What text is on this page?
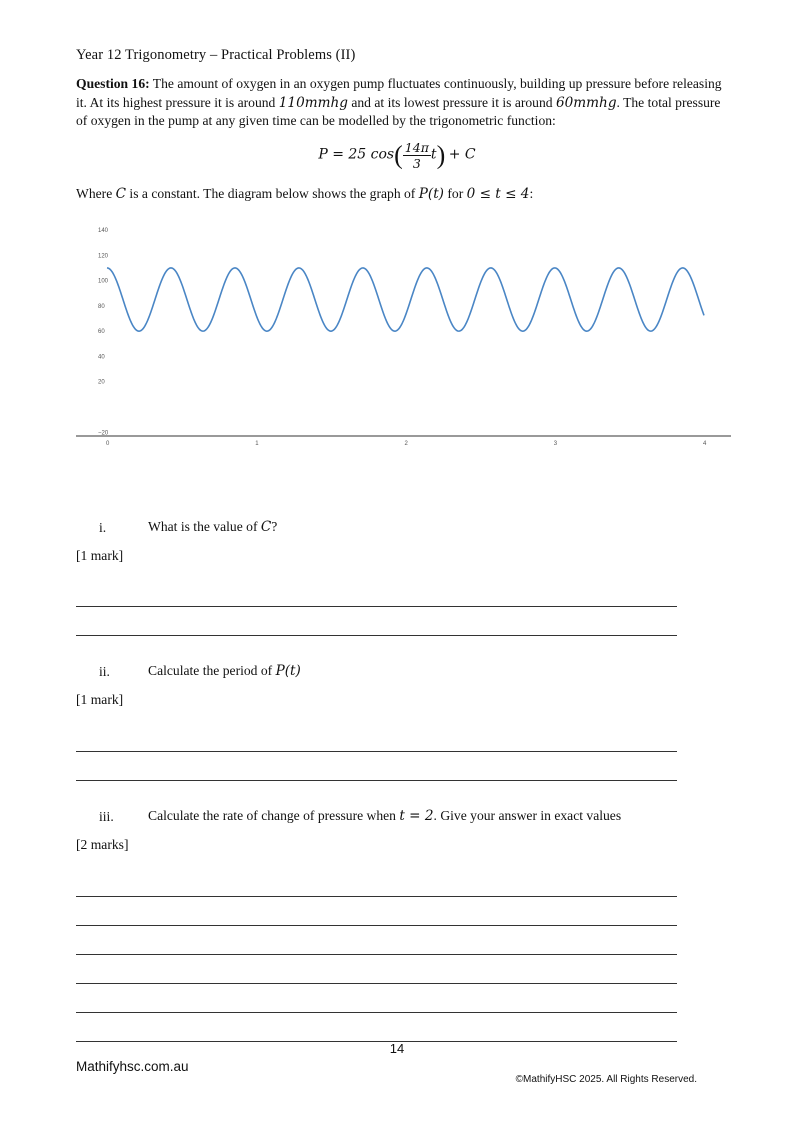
Year 12 Trigonometry – Practical Problems (II)
Question 16: The amount of oxygen in an oxygen pump fluctuates continuously, building up pressure before releasing it. At its highest pressure it is around 110mmhg and at its lowest pressure it is around 60mmhg. The total pressure of oxygen in the pump at any given time can be modelled by the trigonometric function:
P = 25 $\cos( \frac{14\pi}{3} t) + C$
Where C is a constant. The diagram below shows the graph of P(t) for 0 ≤ t ≤ 4:
140
120
100
80
60
40
20
−20
0	1	2	3	4
i.	What is the value of C?
[1 mark]
ii.	Calculate the period of P(t)
[1 mark]
iii.	Calculate the rate of change of pressure when t = 2. Give your answer in exact values
[2 marks]
14
Mathifyhsc.com.au
©MathifyHSC 2025. All Rights Reserved.
